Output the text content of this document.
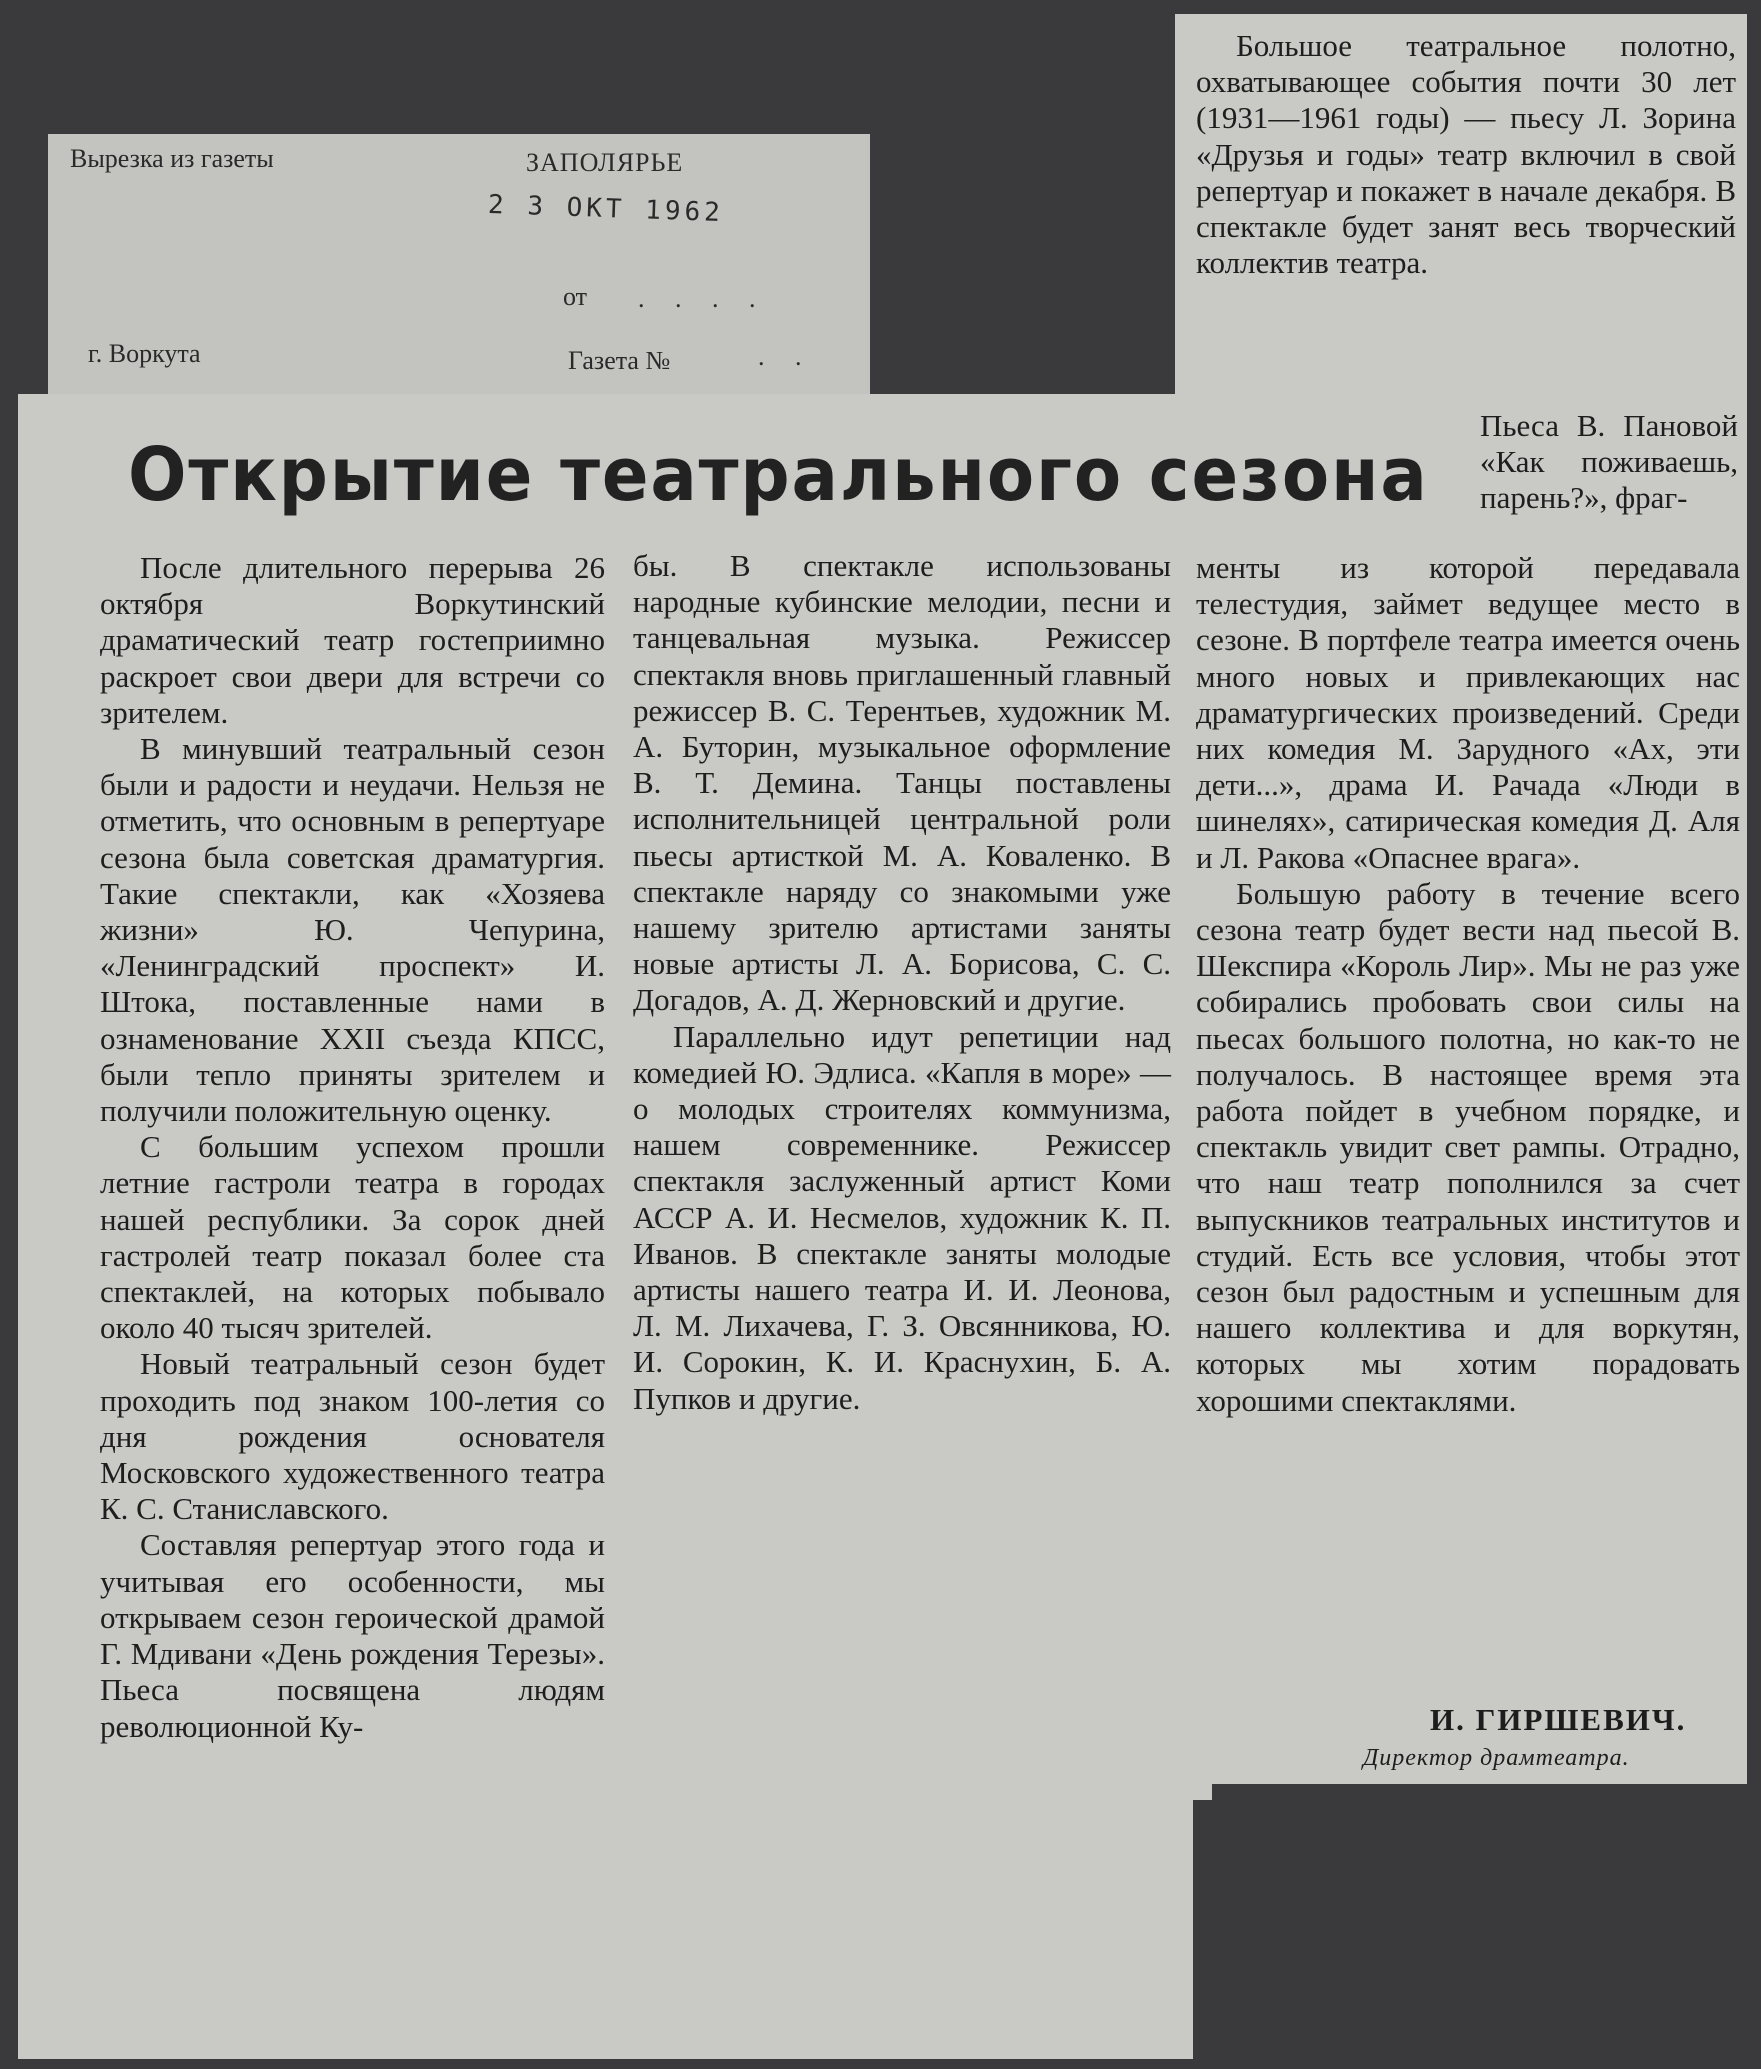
Вырезка из газеты	ЗАПОЛЯРЬЕ
2 3 ОКТ 1962
от . . . .
г. Воркута	Газета №	. .

Большое театральное полотно, охватывающее события почти 30 лет (1931—1961 годы) — пьесу Л. Зорина «Друзья и годы» театр включил в свой репертуар и покажет в начале декабря. В спектакле будет занят весь творческий коллектив театра.

Открытие театрального сезона

Пьеса В. Пановой «Как поживаешь, парень?», фраг-

После длительного перерыва 26 октября Воркутинский драматический театр гостеприимно раскроет свои двери для встречи со зрителем.

В минувший театральный сезон были и радости и неудачи. Нельзя не отметить, что основным в репертуаре сезона была советская драматургия. Такие спектакли, как «Хозяева жизни» Ю. Чепурина, «Ленинградский проспект» И. Штока, поставленные нами в ознаменование XXII съезда КПСС, были тепло приняты зрителем и получили положительную оценку.

С большим успехом прошли летние гастроли театра в городах нашей республики. За сорок дней гастролей театр показал более ста спектаклей, на которых побывало около 40 тысяч зрителей.

Новый театральный сезон будет проходить под знаком 100-летия со дня рождения основателя Московского художественного театра К. С. Станиславского.

Составляя репертуар этого года и учитывая его особенности, мы открываем сезон героической драмой Г. Мдивани «День рождения Терезы». Пьеса посвящена людям революционной Ку-

бы. В спектакле использованы народные кубинские мелодии, песни и танцевальная музыка. Режиссер спектакля вновь приглашенный главный режиссер В. С. Терентьев, художник М. А. Буторин, музыкальное оформление В. Т. Демина. Танцы поставлены исполнительницей центральной роли пьесы артисткой М. А. Коваленко. В спектакле наряду со знакомыми уже нашему зрителю артистами заняты новые артисты Л. А. Борисова, С. С. Догадов, А. Д. Жерновский и другие.

Параллельно идут репетиции над комедией Ю. Эдлиса. «Капля в море» — о молодых строителях коммунизма, нашем современнике. Режиссер спектакля заслуженный артист Коми АССР А. И. Несмелов, художник К. П. Иванов. В спектакле заняты молодые артисты нашего театра И. И. Леонова, Л. М. Лихачева, Г. З. Овсянникова, Ю. И. Сорокин, К. И. Краснухин, Б. А. Пупков и другие.

менты из которой передавала телестудия, займет ведущее место в сезоне. В портфеле театра имеется очень много новых и привлекающих нас драматургических произведений. Среди них комедия М. Зарудного «Ах, эти дети...», драма И. Рачада «Люди в шинелях», сатирическая комедия Д. Аля и Л. Ракова «Опаснее врага».

Большую работу в течение всего сезона театр будет вести над пьесой В. Шекспира «Король Лир». Мы не раз уже собирались пробовать свои силы на пьесах большого полотна, но как-то не получалось. В настоящее время эта работа пойдет в учебном порядке, и спектакль увидит свет рампы. Отрадно, что наш театр пополнился за счет выпускников театральных институтов и студий. Есть все условия, чтобы этот сезон был радостным и успешным для нашего коллектива и для воркутян, которых мы хотим порадовать хорошими спектаклями.

И. ГИРШЕВИЧ.
Директор драмтеатра.
